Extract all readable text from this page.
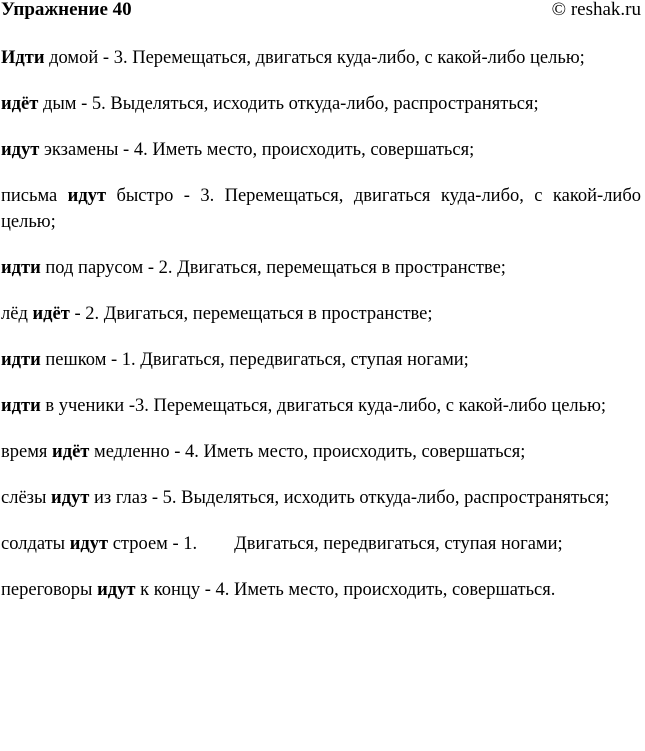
Упражнение 40	© reshak.ru

Идти домой - 3. Перемещаться, двигаться куда-либо, с какой-либо целью;

идёт дым - 5. Выделяться, исходить откуда-либо, распространяться;

идут экзамены - 4. Иметь место, происходить, совершаться;

письма идут быстро - 3. Перемещаться, двигаться куда-либо, с какой-либо целью;

идти под парусом - 2. Двигаться, перемещаться в пространстве;

лёд идёт - 2. Двигаться, перемещаться в пространстве;

идти пешком - 1. Двигаться, передвигаться, ступая ногами;

идти в ученики -3. Перемещаться, двигаться куда-либо, с какой-либо целью;

время идёт медленно - 4. Иметь место, происходить, совершаться;

слёзы идут из глаз - 5. Выделяться, исходить откуда-либо, распространяться;

солдаты идут строем - 1.        Двигаться, передвигаться, ступая ногами;

переговоры идут к концу - 4. Иметь место, происходить, совершаться.
